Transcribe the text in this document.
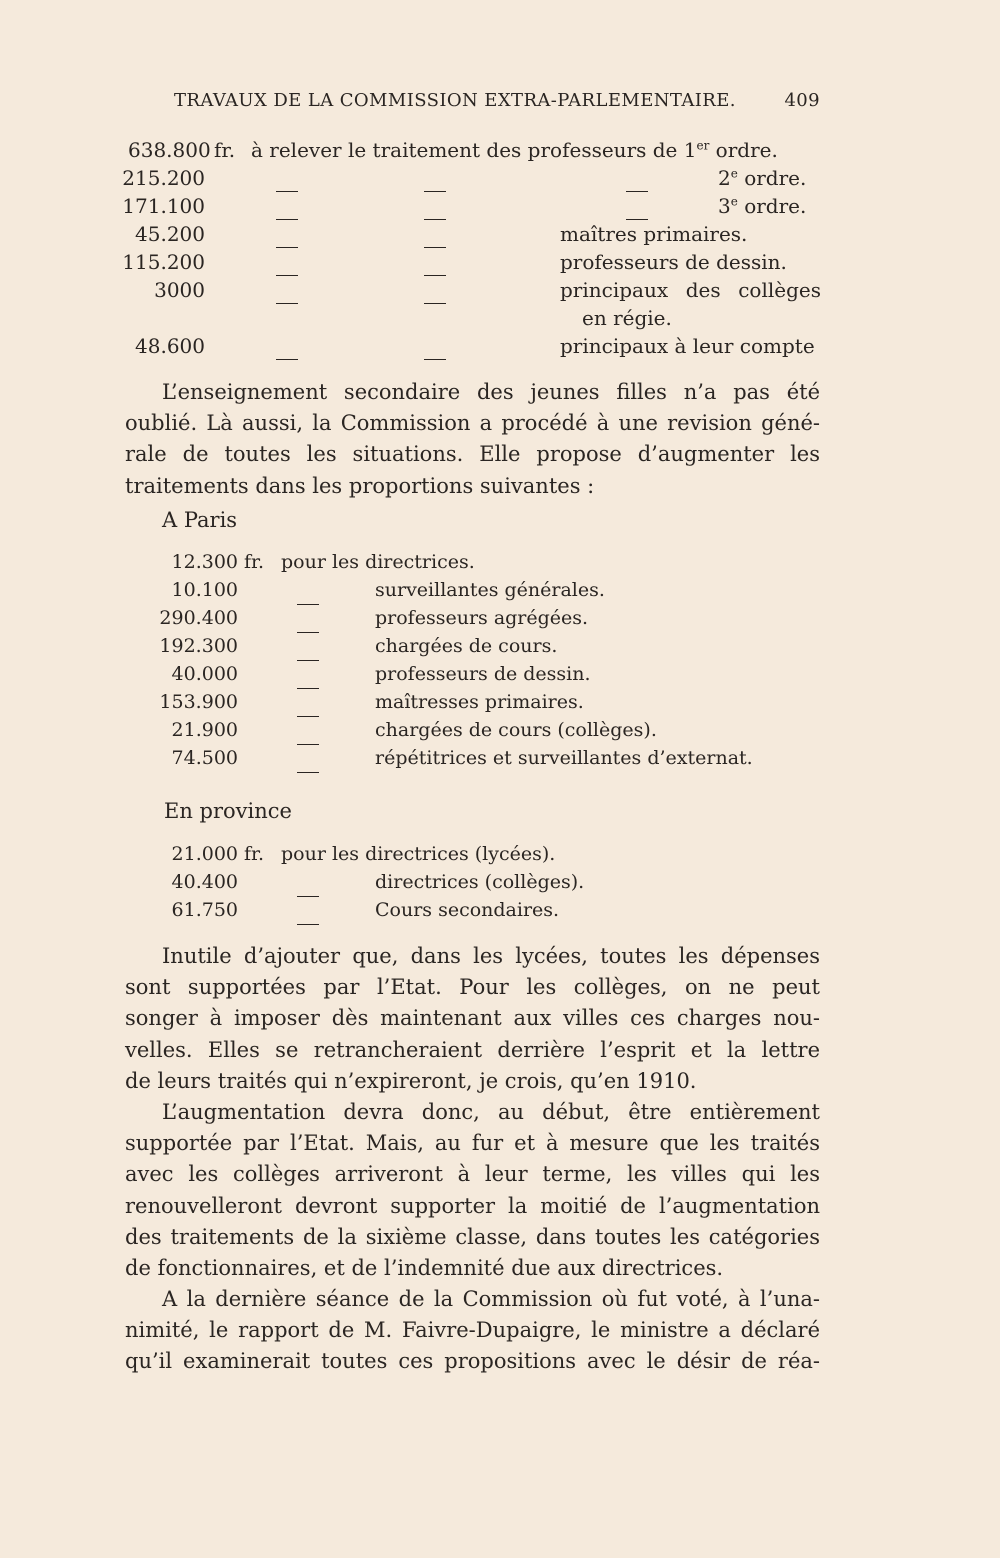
TRAVAUX DE LA COMMISSION EXTRA-PARLEMENTAIRE.	409
638.800 fr. à relever le traitement des professeurs de 1er ordre.
215.200	2e ordre.
171.100	3e ordre.
45.200	maîtres primaires.
115.200	professeurs de dessin.
3000	principaux des collèges
en régie.
48.600	principaux à leur compte
L’enseignement secondaire des jeunes filles n’a pas été
oublié. Là aussi, la Commission a procédé à une revision géné-
rale de toutes les situations. Elle propose d’augmenter les
traitements dans les proportions suivantes :
A Paris
12.300 fr. pour les directrices.
10.100	surveillantes générales.
290.400	professeurs agrégées.
192.300	chargées de cours.
40.000	professeurs de dessin.
153.900	maîtresses primaires.
21.900	chargées de cours (collèges).
74.500	répétitrices et surveillantes d’externat.
En province
21.000 fr. pour les directrices (lycées).
40.400	directrices (collèges).
61.750	Cours secondaires.
Inutile d’ajouter que, dans les lycées, toutes les dépenses
sont supportées par l’Etat. Pour les collèges, on ne peut
songer à imposer dès maintenant aux villes ces charges nou-
velles. Elles se retrancheraient derrière l’esprit et la lettre
de leurs traités qui n’expireront, je crois, qu’en 1910.
L’augmentation devra donc, au début, être entièrement
supportée par l’Etat. Mais, au fur et à mesure que les traités
avec les collèges arriveront à leur terme, les villes qui les
renouvelleront devront supporter la moitié de l’augmentation
des traitements de la sixième classe, dans toutes les catégories
de fonctionnaires, et de l’indemnité due aux directrices.
A la dernière séance de la Commission où fut voté, à l’una-
nimité, le rapport de M. Faivre-Dupaigre, le ministre a déclaré
qu’il examinerait toutes ces propositions avec le désir de réa-
